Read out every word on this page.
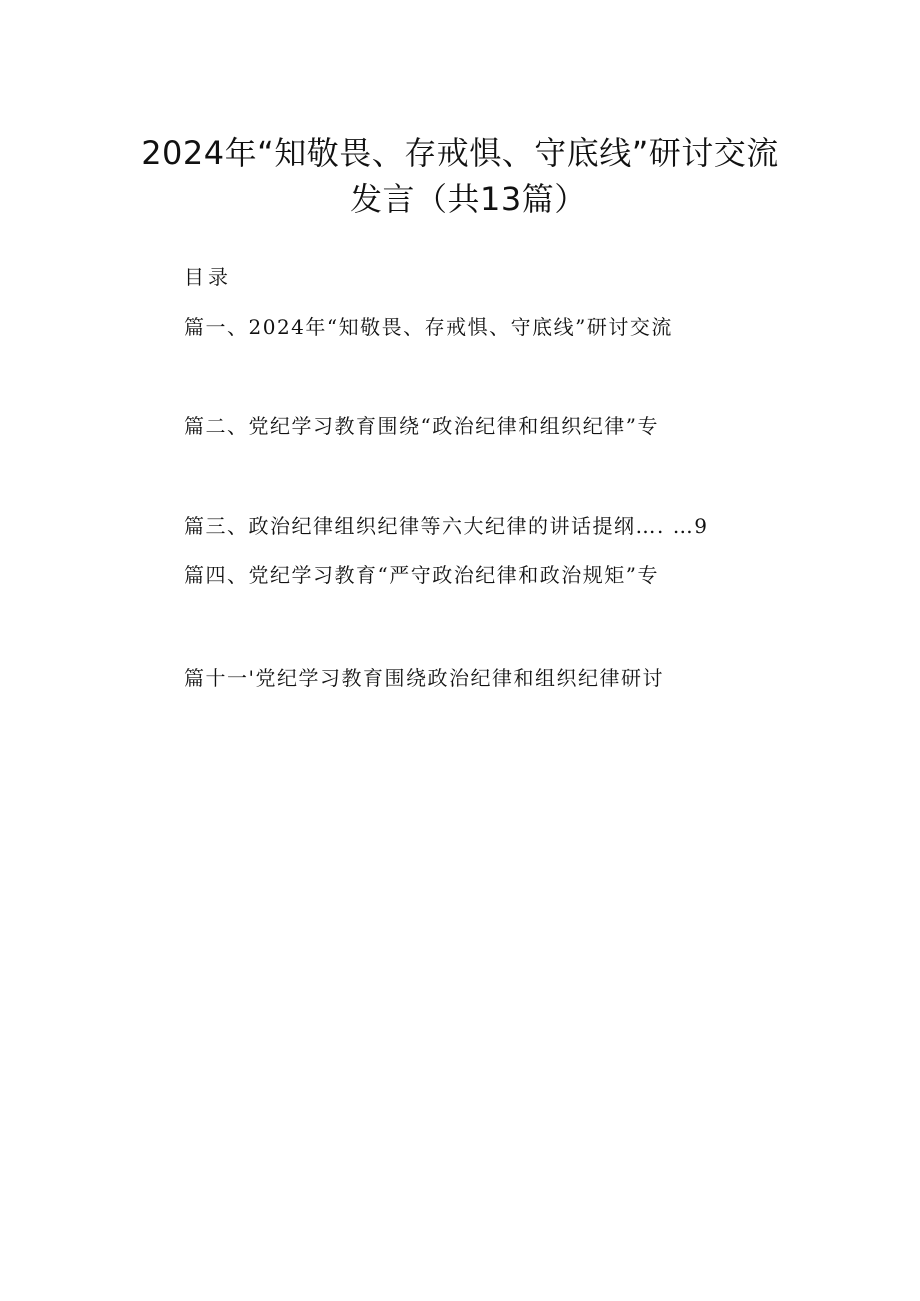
2024年“知敬畏、存戒惧、守底线”研讨交流
发言（共13篇）
目录
篇一、2024年“知敬畏、存戒惧、守底线”研讨交流
篇二、党纪学习教育围绕“政治纪律和组织纪律”专
篇三、政治纪律组织纪律等六大纪律的讲话提纲…. …9
篇四、党纪学习教育“严守政治纪律和政治规矩”专
篇十一'党纪学习教育围绕政治纪律和组织纪律研讨
